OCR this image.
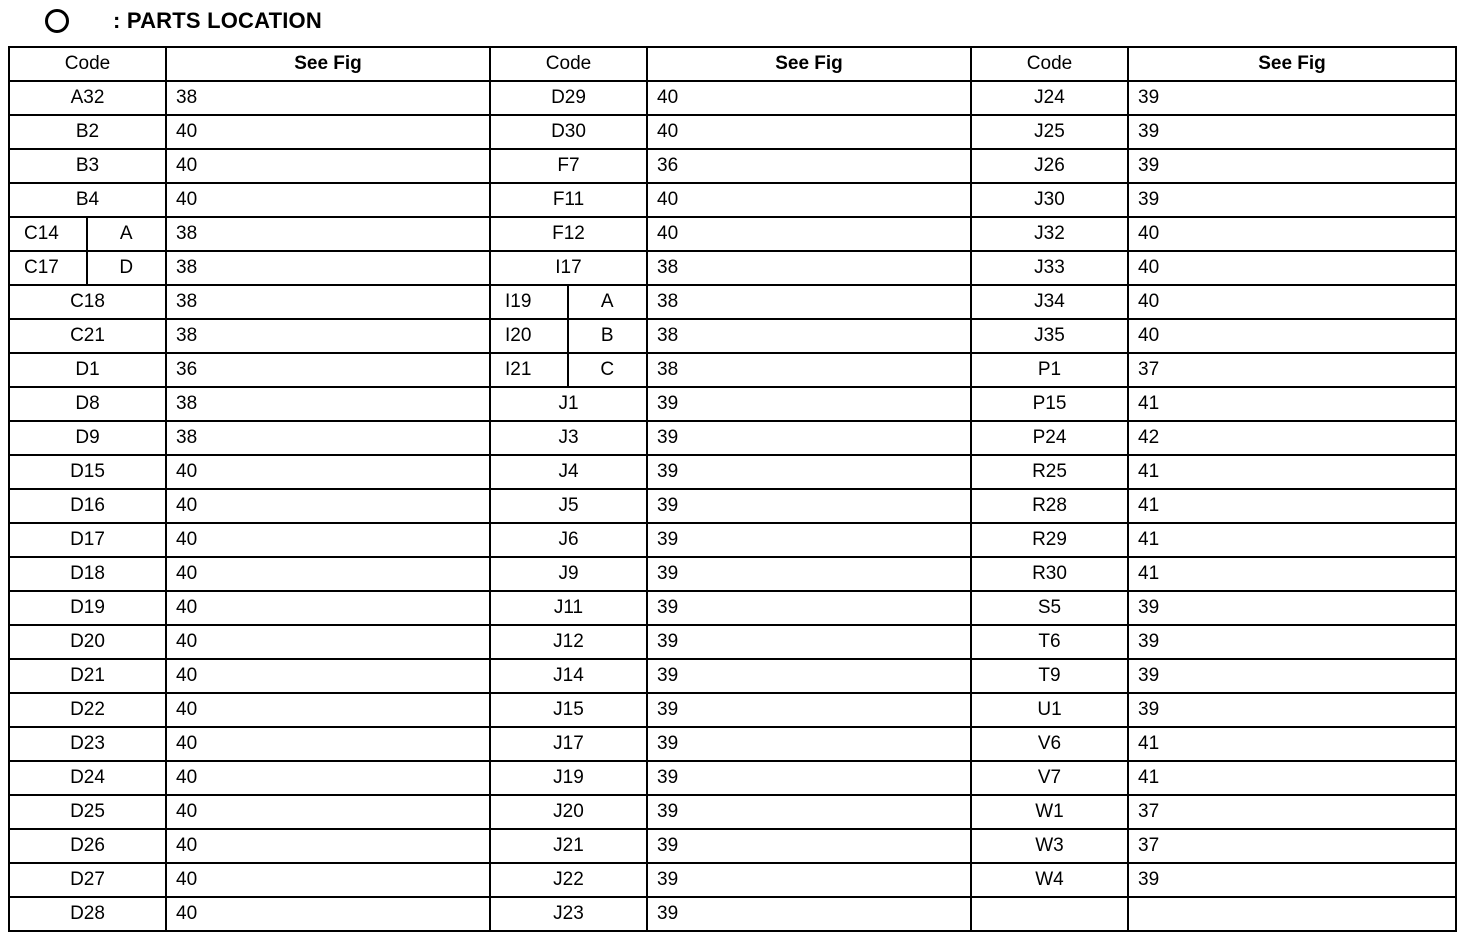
: PARTS LOCATION
Code	See Fig	Code	See Fig	Code	See Fig
A32	38	D29	40	J24	39
B2	40	D30	40	J25	39
B3	40	F7	36	J26	39
B4	40	F11	40	J30	39

C14 A	38	F12	40	J32	40

C17 D	38	I17	38	J33	40
C18	38	I19 A	38	J34	40
C21	38	I20 B	38	J35	40
D1	36	I21 C	38	P1	37
D8	38	J1	39	P15	41
D9	38	J3	39	P24	42
D15	40	J4	39	R25	41
D16	40	J5	39	R28	41
D17	40	J6	39	R29	41
D18	40	J9	39	R30	41
D19	40	J11	39	S5	39
D20	40	J12	39	T6	39
D21	40	J14	39	T9	39
D22	40	J15	39	U1	39
D23	40	J17	39	V6	41
D24	40	J19	39	V7	41
D25	40	J20	39	W1	37
D26	40	J21	39	W3	37
D27	40	J22	39	W4	39
D28	40	J23	39		
